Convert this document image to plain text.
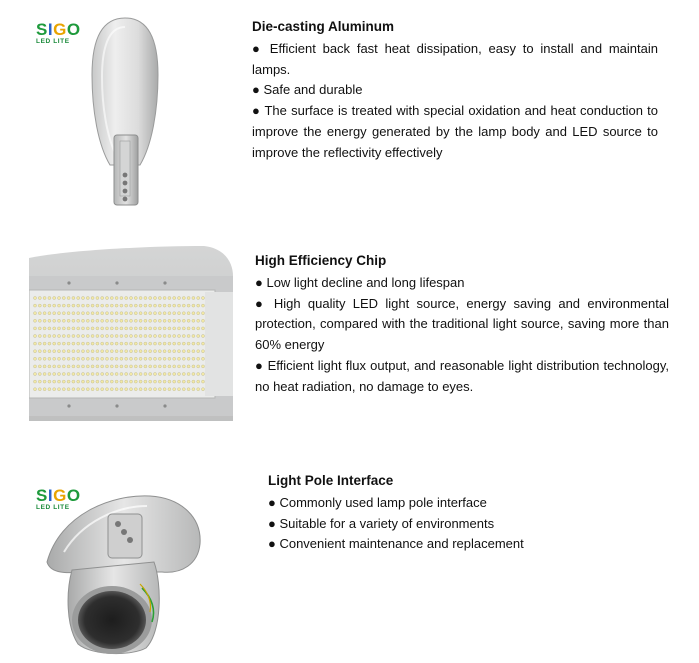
SIGO
LED LITE
Die-casting Aluminum

● Efficient back fast heat dissipation, easy to install and maintain lamps.

● Safe and durable

● The surface is treated with special oxidation and heat conduction to improve the energy generated by the lamp body and LED source to improve the reflectivity effectively

High Efficiency Chip

● Low light decline and long lifespan

● High quality LED light source, energy saving and environmental protection, compared with the traditional light source, saving more than 60% energy

● Efficient light flux output, and reasonable light distribution technology, no heat radiation, no damage to eyes.

SIGO
LED LITE
Light Pole Interface

● Commonly used lamp pole interface

● Suitable for a variety of environments

● Convenient maintenance and replacement
